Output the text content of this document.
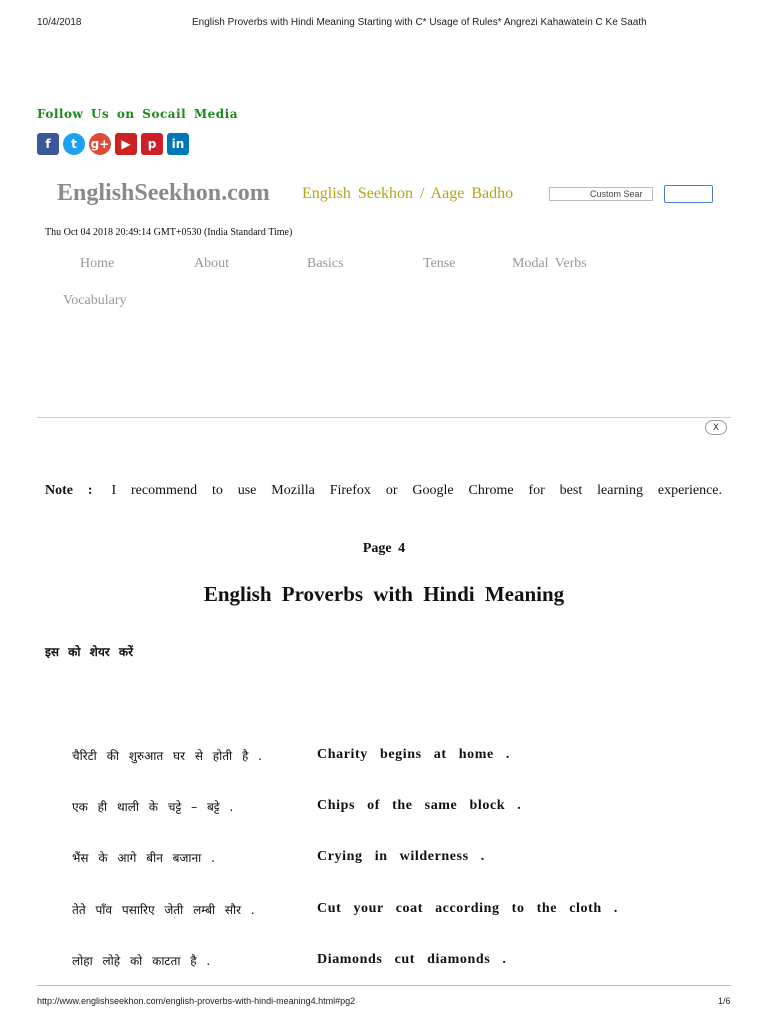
10/4/2018	English Proverbs with Hindi Meaning Starting with C* Usage of Rules* Angrezi Kahawatein C Ke Saath
Follow Us on Socail Media
f	t	g+	▶	p	in
EnglishSeekhon.com English Seekhon / Aage Badho	Custom Sear
Thu Oct 04 2018 20:49:14 GMT+0530 (India Standard Time)
Home	About	Basics	Tense	Modal Verbs
Vocabulary
X
Note : I recommend to use Mozilla Firefox or Google Chrome for best learning experience.
Page 4
English Proverbs with Hindi Meaning
इस को शेयर करें
चैरिटी की शुरुआत घर से होती है .	Charity begins at home .
एक ही थाली के चट्टे – बट्टे .	Chips of the same block .
भैंस के आगे बीन बजाना .	Crying in wilderness .
तेते पाँव पसारिए जेती लम्बी सौर .	Cut your coat according to the cloth .
लोहा लोहे को काटता है .	Diamonds cut diamonds .
http://www.englishseekhon.com/english-proverbs-with-hindi-meaning4.html#pg2	1/6
